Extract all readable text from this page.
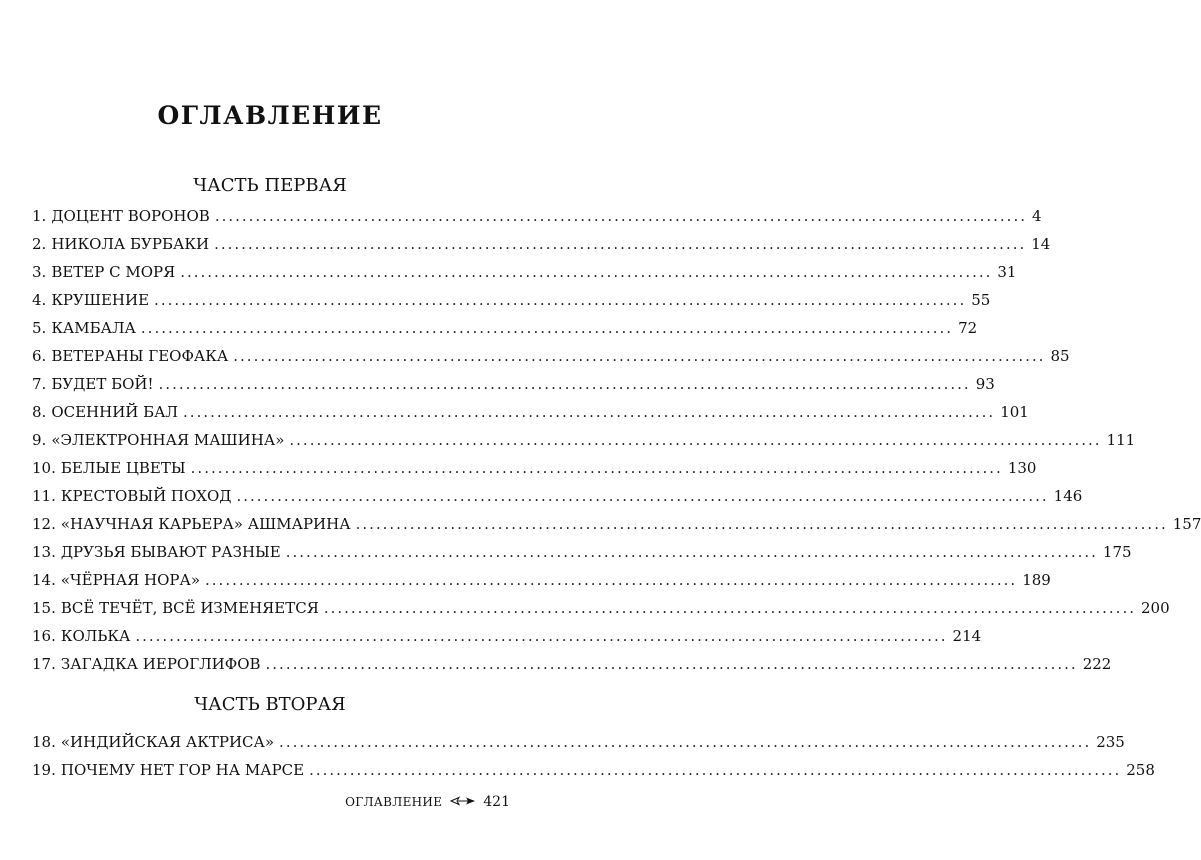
ОГЛАВЛЕНИЕ
ЧАСТЬ ПЕРВАЯ
1. ДОЦЕНТ ВОРОНОВ ........................................................................................................................ 4
2. НИКОЛА БУРБАКИ ........................................................................................................................ 14
3. ВЕТЕР С МОРЯ ........................................................................................................................ 31
4. КРУШЕНИЕ ........................................................................................................................ 55
5. КАМБАЛА ........................................................................................................................ 72
6. ВЕТЕРАНЫ ГЕОФАКА ........................................................................................................................ 85
7. БУДЕТ БОЙ! ........................................................................................................................ 93
8. ОСЕННИЙ БАЛ ........................................................................................................................ 101
9. «ЭЛЕКТРОННАЯ МАШИНА» ........................................................................................................................ 111
10. БЕЛЫЕ ЦВЕТЫ ........................................................................................................................ 130
11. КРЕСТОВЫЙ ПОХОД ........................................................................................................................ 146
12. «НАУЧНАЯ КАРЬЕРА» АШМАРИНА ........................................................................................................................ 157
13. ДРУЗЬЯ БЫВАЮТ РАЗНЫЕ ........................................................................................................................ 175
14. «ЧЁРНАЯ НОРА» ........................................................................................................................ 189
15. ВСЁ ТЕЧЁТ, ВСЁ ИЗМЕНЯЕТСЯ ........................................................................................................................ 200
16. КОЛЬКА ........................................................................................................................ 214
17. ЗАГАДКА ИЕРОГЛИФОВ ........................................................................................................................ 222
ЧАСТЬ ВТОРАЯ
18. «ИНДИЙСКАЯ АКТРИСА» ........................................................................................................................ 235
19. ПОЧЕМУ НЕТ ГОР НА МАРСЕ ........................................................................................................................ 258
ОГЛАВЛЕНИЕ	421
